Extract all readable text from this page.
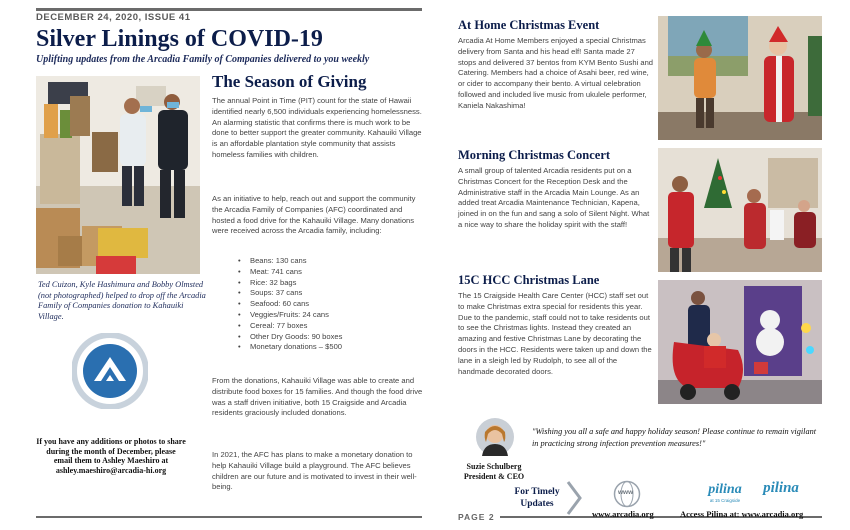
DECEMBER 24, 2020, ISSUE 41
Silver Linings of COVID-19
Uplifting updates from the Arcadia Family of Companies delivered to you weekly
Ted Cuizon, Kyle Hashimura and Bobby Olmsted (not photographed) helped to drop off the Arcadia Family of Companies donation to Kahauiki Village.
If you have any additions or photos to share during the month of December, please email them to Ashley Maeshiro at ashley.maeshiro@arcadia-hi.org
The Season of Giving

The annual Point in Time (PIT) count for the state of Hawaii identified nearly 6,500 individuals experiencing homelessness. An alarming statistic that confirms there is much work to be done to better support the greater community. Kahauiki Village is an affordable plantation style community that assists homeless families with children.

As an initiative to help, reach out and support the community the Arcadia Family of Companies (AFC) coordinated and hosted a food drive for the Kahauiki Village. Many donations were received across the Arcadia family, including:

• Beans: 130 cans
• Meat: 741 cans
• Rice: 32 bags
• Soups: 37 cans
• Seafood: 60 cans
• Veggies/Fruits: 24 cans
• Cereal: 77 boxes
• Other Dry Goods: 90 boxes
• Monetary donations – $500

From the donations, Kahauiki Village was able to create and distribute food boxes for 15 families. And though the food drive was a staff driven initiative, both 15 Craigside and Arcadia residents graciously included donations.

In 2021, the AFC has plans to make a monetary donation to help Kahauiki Village build a playground. The AFC believes children are our future and is motivated to invest in their well-being.

At Home Christmas Event

Arcadia At Home Members enjoyed a special Christmas delivery from Santa and his head elf! Santa made 27 stops and delivered 37 bentos from KYM Bento Sushi and Catering. Members had a choice of Asahi beer, red wine, or cider to accompany their bento. A virtual celebration followed and included live music from ukulele performer, Kaniela Nakashima!

Morning Christmas Concert

A small group of talented Arcadia residents put on a Christmas Concert for the Reception Desk and the Administrative staff in the Arcadia Main Lounge. As an added treat Arcadia Maintenance Technician, Kapena, joined in on the fun and sang a solo of Silent Night. What a nice way to share the holiday spirit with the staff!

15C HCC Christmas Lane

The 15 Craigside Health Care Center (HCC) staff set out to make Christmas extra special for residents this year. Due to the pandemic, staff could not to take residents out to see the Christmas lights. Instead they created an amazing and festive Christmas Lane by decorating the doors in the HCC. Residents were taken up and down the lane in a sleigh led by Rudolph, to see all of the handmade decorated doors.

Suzie Schulberg
President & CEO
"Wishing you all a safe and happy holiday season! Please continue to remain vigilant in practicing strong infection prevention measures!"
PAGE 2
For Timely
Updates
www
www.arcadia.org
pilina
at 15 Craigside
pilina
Access Pilina at: www.arcadia.org
